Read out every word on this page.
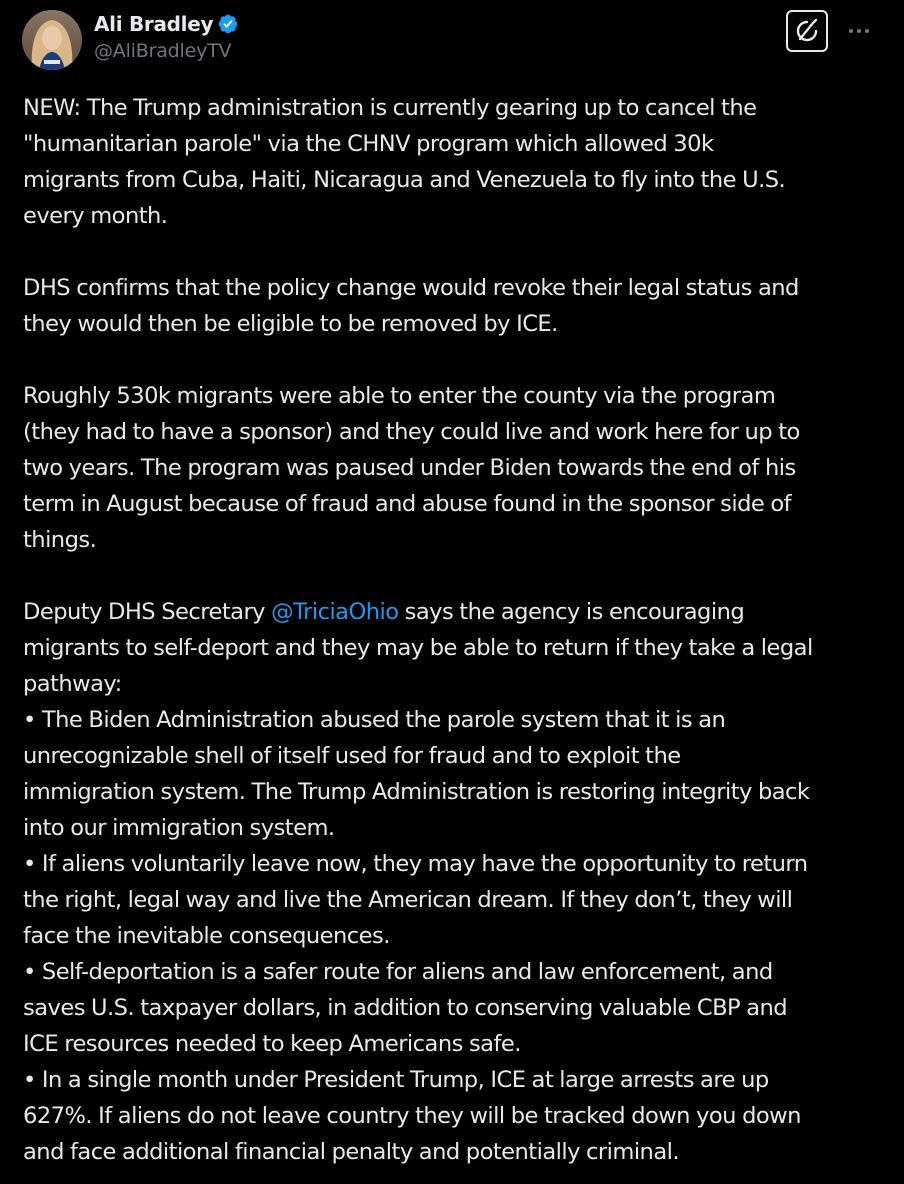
Ali Bradley
@AliBradleyTV
NEW: The Trump administration is currently gearing up to cancel the
"humanitarian parole" via the CHNV program which allowed 30k
migrants from Cuba, Haiti, Nicaragua and Venezuela to fly into the U.S.
every month.
DHS confirms that the policy change would revoke their legal status and
they would then be eligible to be removed by ICE.
Roughly 530k migrants were able to enter the county via the program
(they had to have a sponsor) and they could live and work here for up to
two years. The program was paused under Biden towards the end of his
term in August because of fraud and abuse found in the sponsor side of
things.
Deputy DHS Secretary @TriciaOhio says the agency is encouraging
migrants to self-deport and they may be able to return if they take a legal
pathway:
• The Biden Administration abused the parole system that it is an
unrecognizable shell of itself used for fraud and to exploit the
immigration system. The Trump Administration is restoring integrity back
into our immigration system.
• If aliens voluntarily leave now, they may have the opportunity to return
the right, legal way and live the American dream. If they don’t, they will
face the inevitable consequences.
• Self-deportation is a safer route for aliens and law enforcement, and
saves U.S. taxpayer dollars, in addition to conserving valuable CBP and
ICE resources needed to keep Americans safe.
• In a single month under President Trump, ICE at large arrests are up
627%. If aliens do not leave country they will be tracked down you down
and face additional financial penalty and potentially criminal.
